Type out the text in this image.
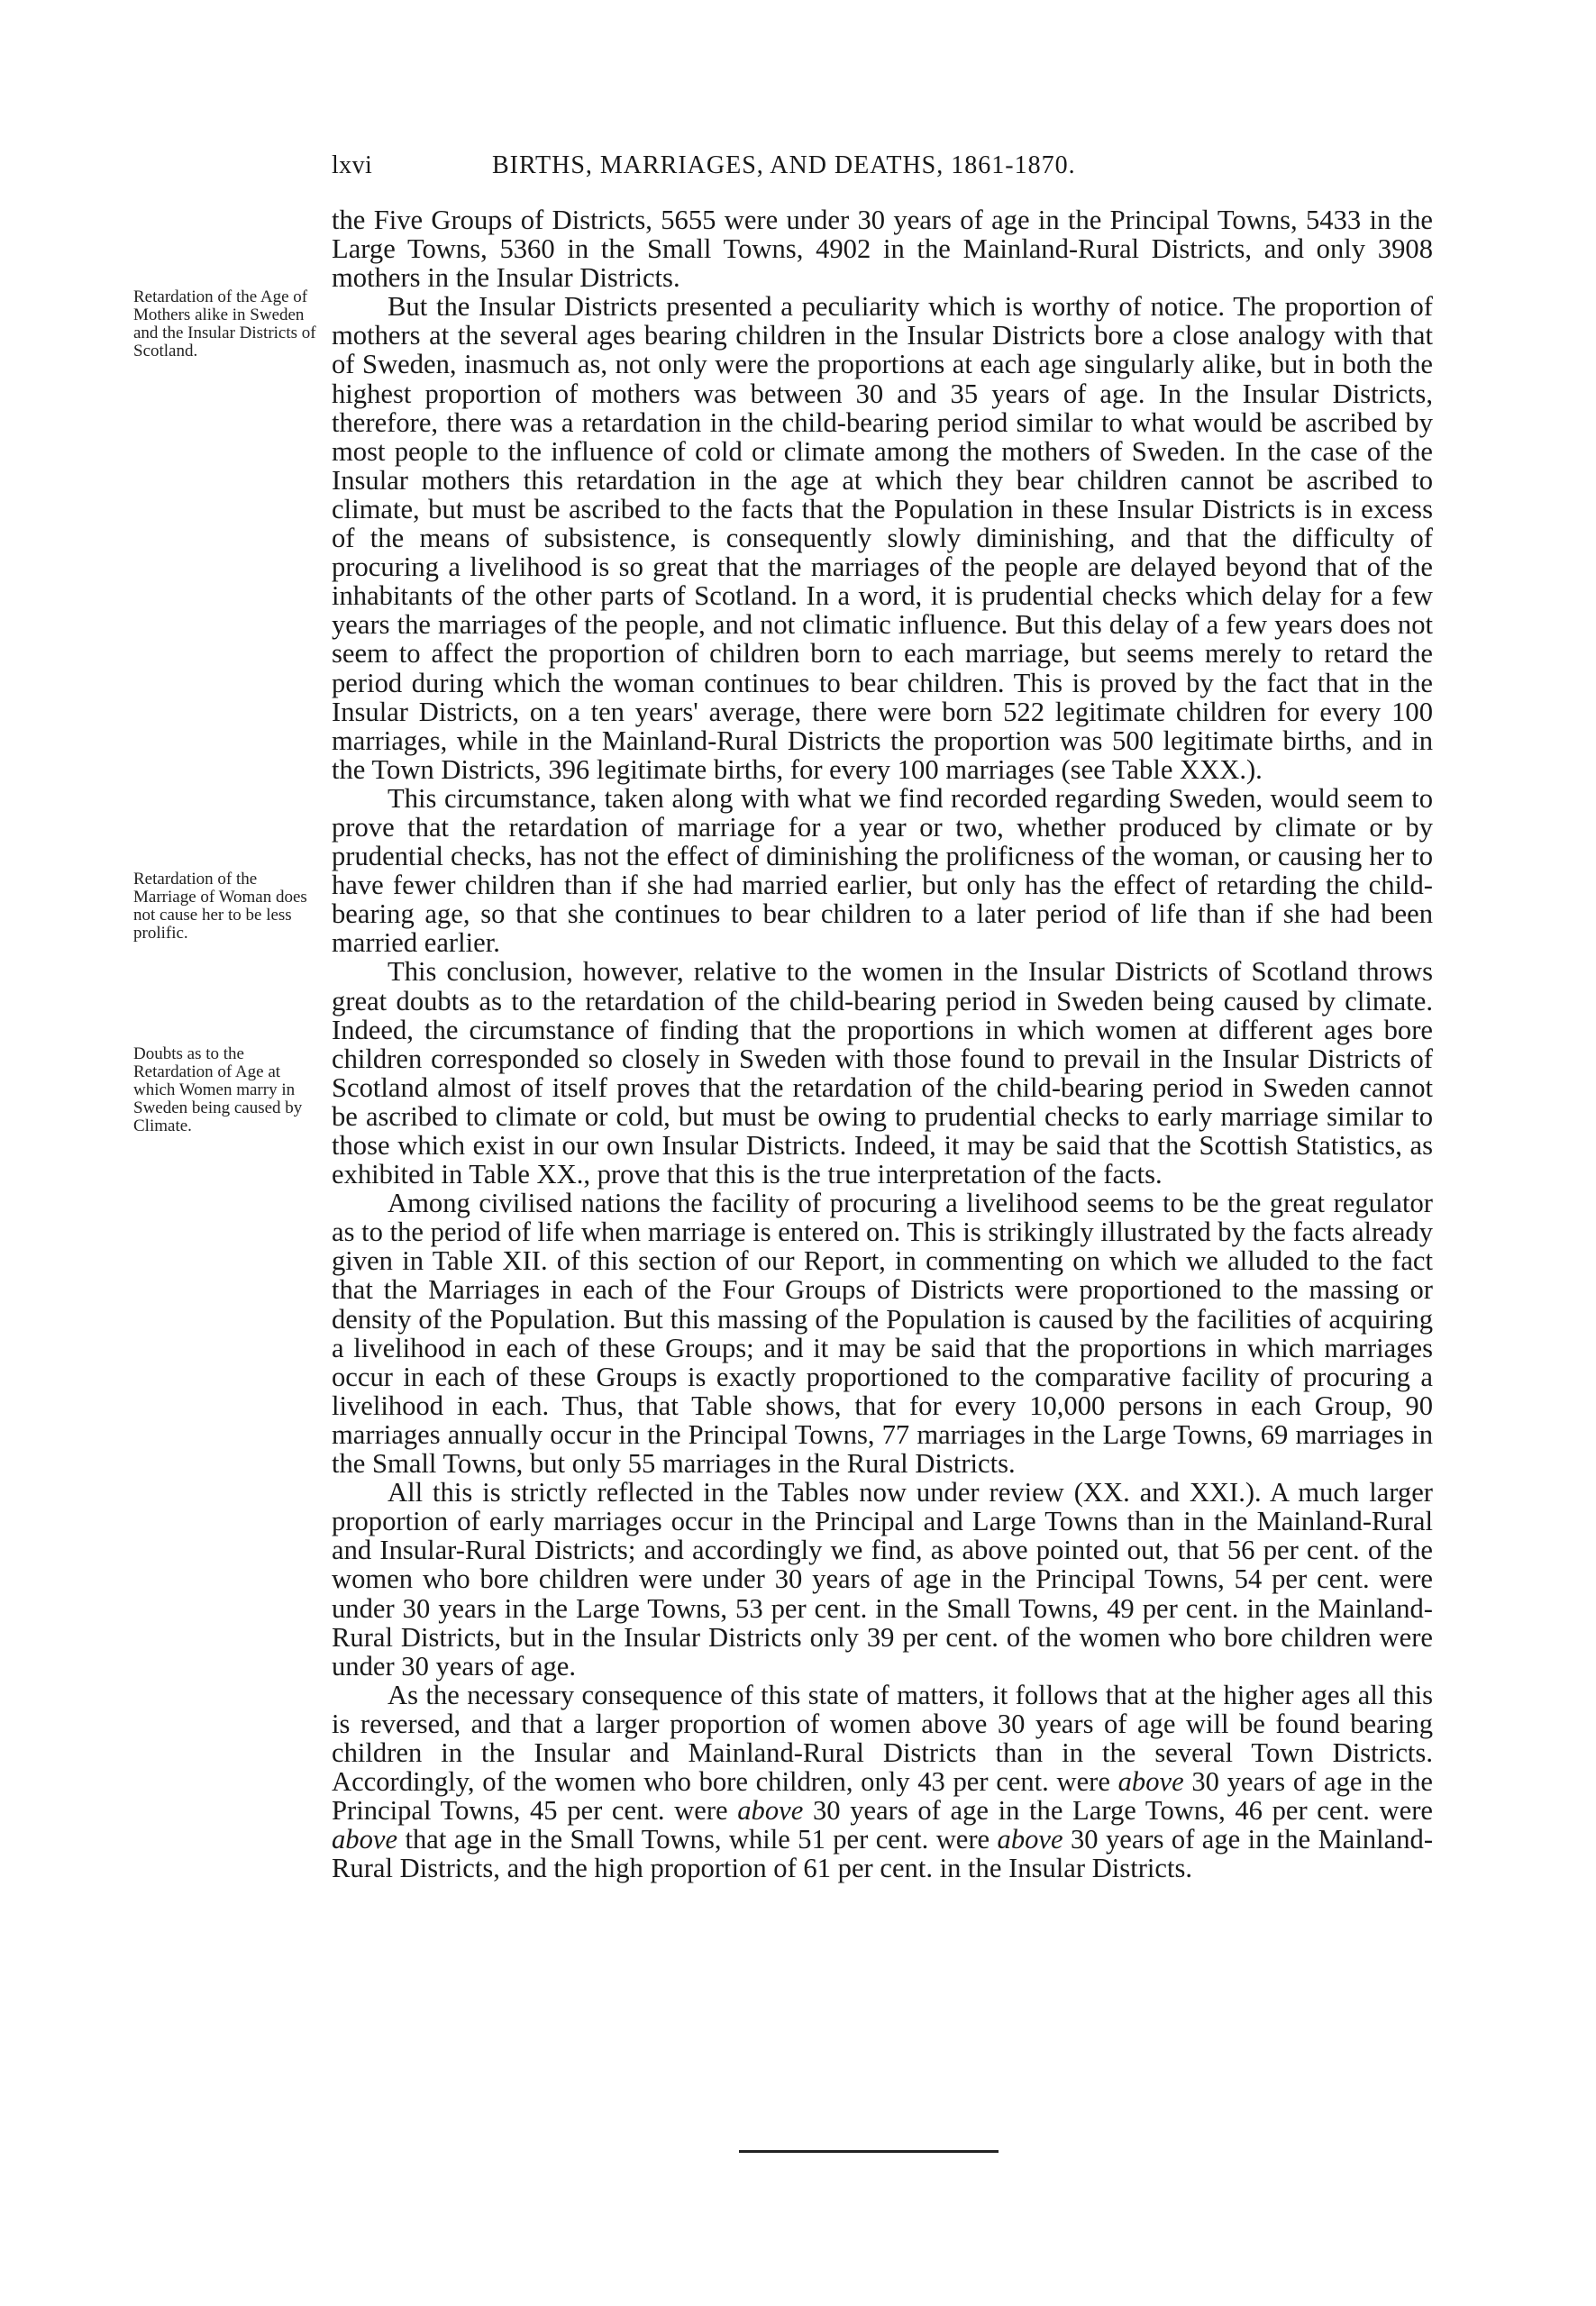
lxvi	BIRTHS, MARRIAGES, AND DEATHS, 1861-1870.
Retardation of the Age of Mothers alike in Sweden and the Insular Districts of Scotland.
Retardation of the Marriage of Woman does not cause her to be less prolific.
Doubts as to the Retardation of Age at which Women marry in Sweden being caused by Climate.

the Five Groups of Districts, 5655 were under 30 years of age in the Principal Towns, 5433 in the Large Towns, 5360 in the Small Towns, 4902 in the Mainland-Rural Districts, and only 3908 mothers in the Insular Districts.

But the Insular Districts presented a peculiarity which is worthy of notice. The proportion of mothers at the several ages bearing children in the Insular Districts bore a close analogy with that of Sweden, inasmuch as, not only were the proportions at each age singularly alike, but in both the highest proportion of mothers was between 30 and 35 years of age. In the Insular Districts, therefore, there was a retardation in the child-bearing period similar to what would be ascribed by most people to the influence of cold or climate among the mothers of Sweden. In the case of the Insular mothers this retardation in the age at which they bear children cannot be ascribed to climate, but must be ascribed to the facts that the Population in these Insular Districts is in excess of the means of subsistence, is consequently slowly diminishing, and that the difficulty of procuring a livelihood is so great that the marriages of the people are delayed beyond that of the inhabitants of the other parts of Scotland. In a word, it is prudential checks which delay for a few years the marriages of the people, and not climatic influence. But this delay of a few years does not seem to affect the proportion of children born to each marriage, but seems merely to retard the period during which the woman continues to bear children. This is proved by the fact that in the Insular Districts, on a ten years' average, there were born 522 legitimate children for every 100 marriages, while in the Mainland-Rural Districts the proportion was 500 legitimate births, and in the Town Districts, 396 legitimate births, for every 100 marriages (see Table XXX.).

This circumstance, taken along with what we find recorded regarding Sweden, would seem to prove that the retardation of marriage for a year or two, whether produced by climate or by prudential checks, has not the effect of diminishing the prolificness of the woman, or causing her to have fewer children than if she had married earlier, but only has the effect of retarding the child-bearing age, so that she continues to bear children to a later period of life than if she had been married earlier.

This conclusion, however, relative to the women in the Insular Districts of Scotland throws great doubts as to the retardation of the child-bearing period in Sweden being caused by climate. Indeed, the circumstance of finding that the proportions in which women at different ages bore children corresponded so closely in Sweden with those found to prevail in the Insular Districts of Scotland almost of itself proves that the retardation of the child-bearing period in Sweden cannot be ascribed to climate or cold, but must be owing to prudential checks to early marriage similar to those which exist in our own Insular Districts. Indeed, it may be said that the Scottish Statistics, as exhibited in Table XX., prove that this is the true interpretation of the facts.

Among civilised nations the facility of procuring a livelihood seems to be the great regulator as to the period of life when marriage is entered on. This is strikingly illustrated by the facts already given in Table XII. of this section of our Report, in commenting on which we alluded to the fact that the Marriages in each of the Four Groups of Districts were proportioned to the massing or density of the Population. But this massing of the Population is caused by the facilities of acquiring a livelihood in each of these Groups; and it may be said that the proportions in which marriages occur in each of these Groups is exactly proportioned to the comparative facility of procuring a livelihood in each. Thus, that Table shows, that for every 10,000 persons in each Group, 90 marriages annually occur in the Principal Towns, 77 marriages in the Large Towns, 69 marriages in the Small Towns, but only 55 marriages in the Rural Districts.

All this is strictly reflected in the Tables now under review (XX. and XXI.). A much larger proportion of early marriages occur in the Principal and Large Towns than in the Mainland-Rural and Insular-Rural Districts; and accordingly we find, as above pointed out, that 56 per cent. of the women who bore children were under 30 years of age in the Principal Towns, 54 per cent. were under 30 years in the Large Towns, 53 per cent. in the Small Towns, 49 per cent. in the Mainland-Rural Districts, but in the Insular Districts only 39 per cent. of the women who bore children were under 30 years of age.

As the necessary consequence of this state of matters, it follows that at the higher ages all this is reversed, and that a larger proportion of women above 30 years of age will be found bearing children in the Insular and Mainland-Rural Districts than in the several Town Districts. Accordingly, of the women who bore children, only 43 per cent. were above 30 years of age in the Principal Towns, 45 per cent. were above 30 years of age in the Large Towns, 46 per cent. were above that age in the Small Towns, while 51 per cent. were above 30 years of age in the Mainland-Rural Districts, and the high proportion of 61 per cent. in the Insular Districts.
